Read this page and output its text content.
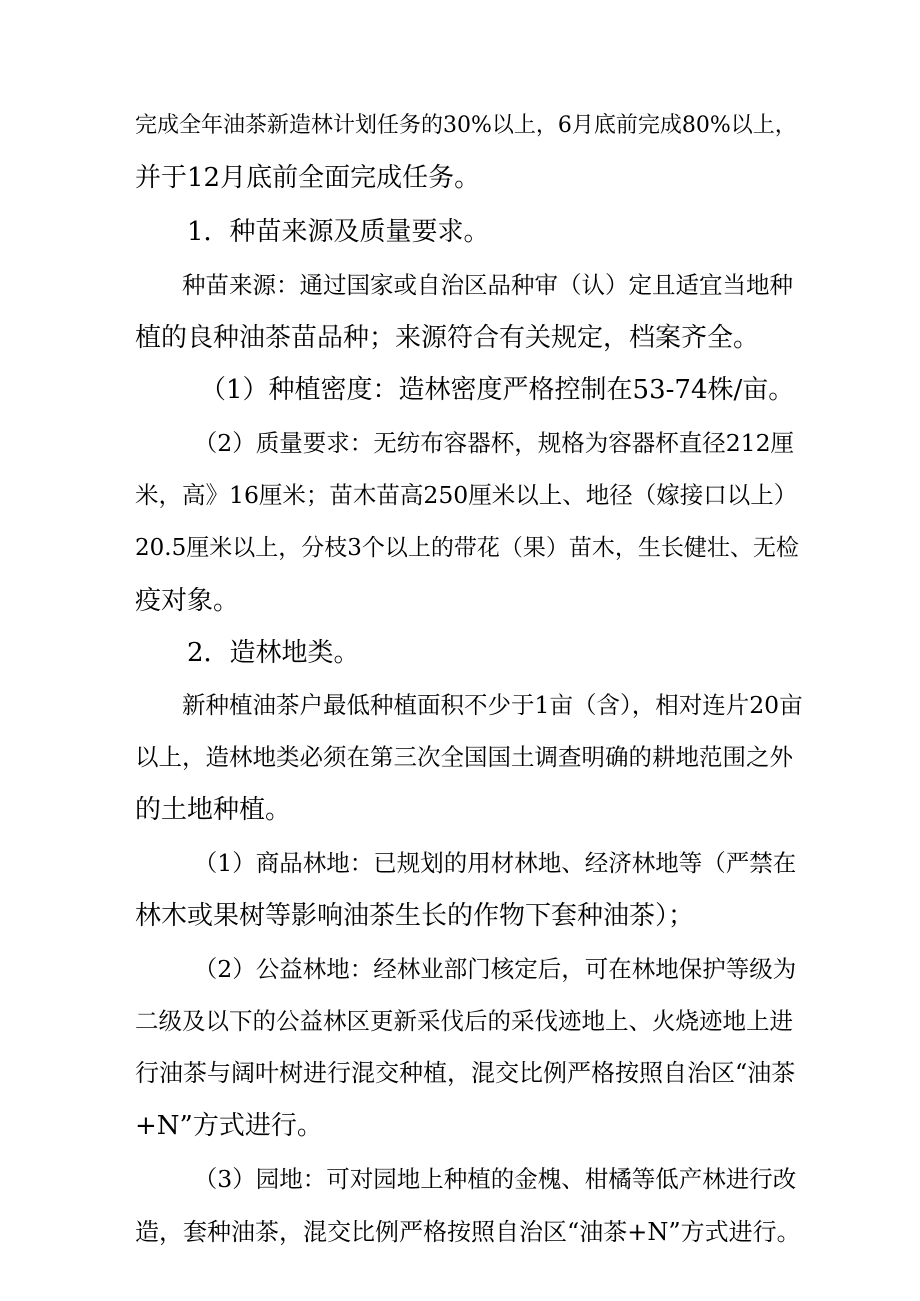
完成全年油茶新造林计划任务的30%以上，6月底前完成80%以上，
并于12月底前全面完成任务。
　　1．种苗来源及质量要求。
　　种苗来源：通过国家或自治区品种审（认）定且适宜当地种
植的良种油茶苗品种；来源符合有关规定，档案齐全。
　　　（1）种植密度：造林密度严格控制在53-74株/亩。
　　　（2）质量要求：无纺布容器杯，规格为容器杯直径212厘
米，高》16厘米；苗木苗高250厘米以上、地径（嫁接口以上）
20.5厘米以上，分枝3个以上的带花（果）苗木，生长健壮、无检
疫对象。
　　2．造林地类。
　　新种植油茶户最低种植面积不少于1亩（含），相对连片20亩
以上，造林地类必须在第三次全国国土调查明确的耕地范围之外
的土地种植。
　　　（1）商品林地：已规划的用材林地、经济林地等（严禁在
林木或果树等影响油茶生长的作物下套种油茶）；
　　　（2）公益林地：经林业部门核定后，可在林地保护等级为
二级及以下的公益林区更新采伐后的采伐迹地上、火烧迹地上进
行油茶与阔叶树进行混交种植，混交比例严格按照自治区“油茶
+N”方式进行。
　　　（3）园地：可对园地上种植的金槐、柑橘等低产林进行改
造，套种油茶，混交比例严格按照自治区“油茶+N”方式进行。
